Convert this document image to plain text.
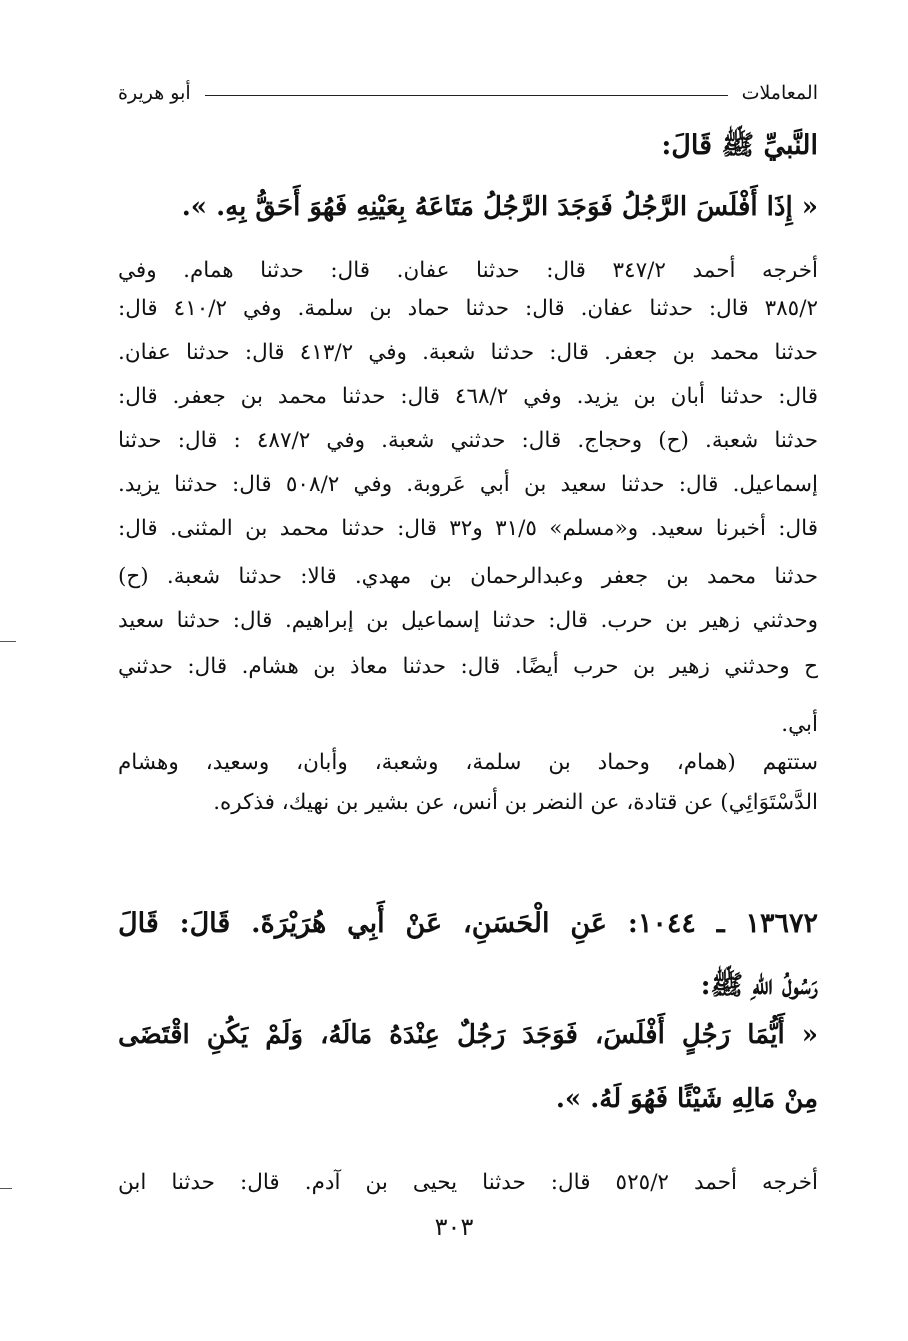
المعاملات
أبو هريرة
النَّبيِّ ﷺ قَالَ:
« إِذَا أَفْلَسَ الرَّجُلُ فَوَجَدَ الرَّجُلُ مَتَاعَهُ بِعَيْنِهِ فَهُوَ أَحَقُّ بِهِ. ».
أخرجه أحمد ٣٤٧/٢ قال: حدثنا عفان. قال: حدثنا همام. وفي
٣٨٥/٢ قال: حدثنا عفان. قال: حدثنا حماد بن سلمة. وفي ٤١٠/٢ قال:
حدثنا محمد بن جعفر. قال: حدثنا شعبة. وفي ٤١٣/٢ قال: حدثنا عفان.
قال: حدثنا أبان بن يزيد. وفي ٤٦٨/٢ قال: حدثنا محمد بن جعفر. قال:
حدثنا شعبة. (ح) وحجاج. قال: حدثني شعبة. وفي ٤٨٧/٢ : قال: حدثنا
إسماعيل. قال: حدثنا سعيد بن أبي عَروبة. وفي ٥٠٨/٢ قال: حدثنا يزيد.
قال: أخبرنا سعيد. و«مسلم» ٣١/٥ و٣٢ قال: حدثنا محمد بن المثنى. قال:
حدثنا محمد بن جعفر وعبدالرحمان بن مهدي. قالا: حدثنا شعبة. (ح)
وحدثني زهير بن حرب. قال: حدثنا إسماعيل بن إبراهيم. قال: حدثنا سعيد
ح وحدثني زهير بن حرب أيضًا. قال: حدثنا معاذ بن هشام. قال: حدثني
أبي.
ستتهم (همام، وحماد بن سلمة، وشعبة، وأبان، وسعيد، وهشام
الدَّسْتَوَائِي) عن قتادة، عن النضر بن أنس، عن بشير بن نهيك، فذكره.
١٣٦٧٢ ـ ١٠٤٤: عَنِ الْحَسَنِ، عَنْ أَبِي هُرَيْرَةَ. قَالَ: قَالَ
رَسُولُ اللهِ ﷺ:
« أَيُّمَا رَجُلٍ أَفْلَسَ، فَوَجَدَ رَجُلٌ عِنْدَهُ مَالَهُ، وَلَمْ يَكُنِ اقْتَضَى
مِنْ مَالِهِ شَيْئًا فَهُوَ لَهُ. ».
أخرجه أحمد ٥٢٥/٢ قال: حدثنا يحيى بن آدم. قال: حدثنا ابن
٣٠٣
